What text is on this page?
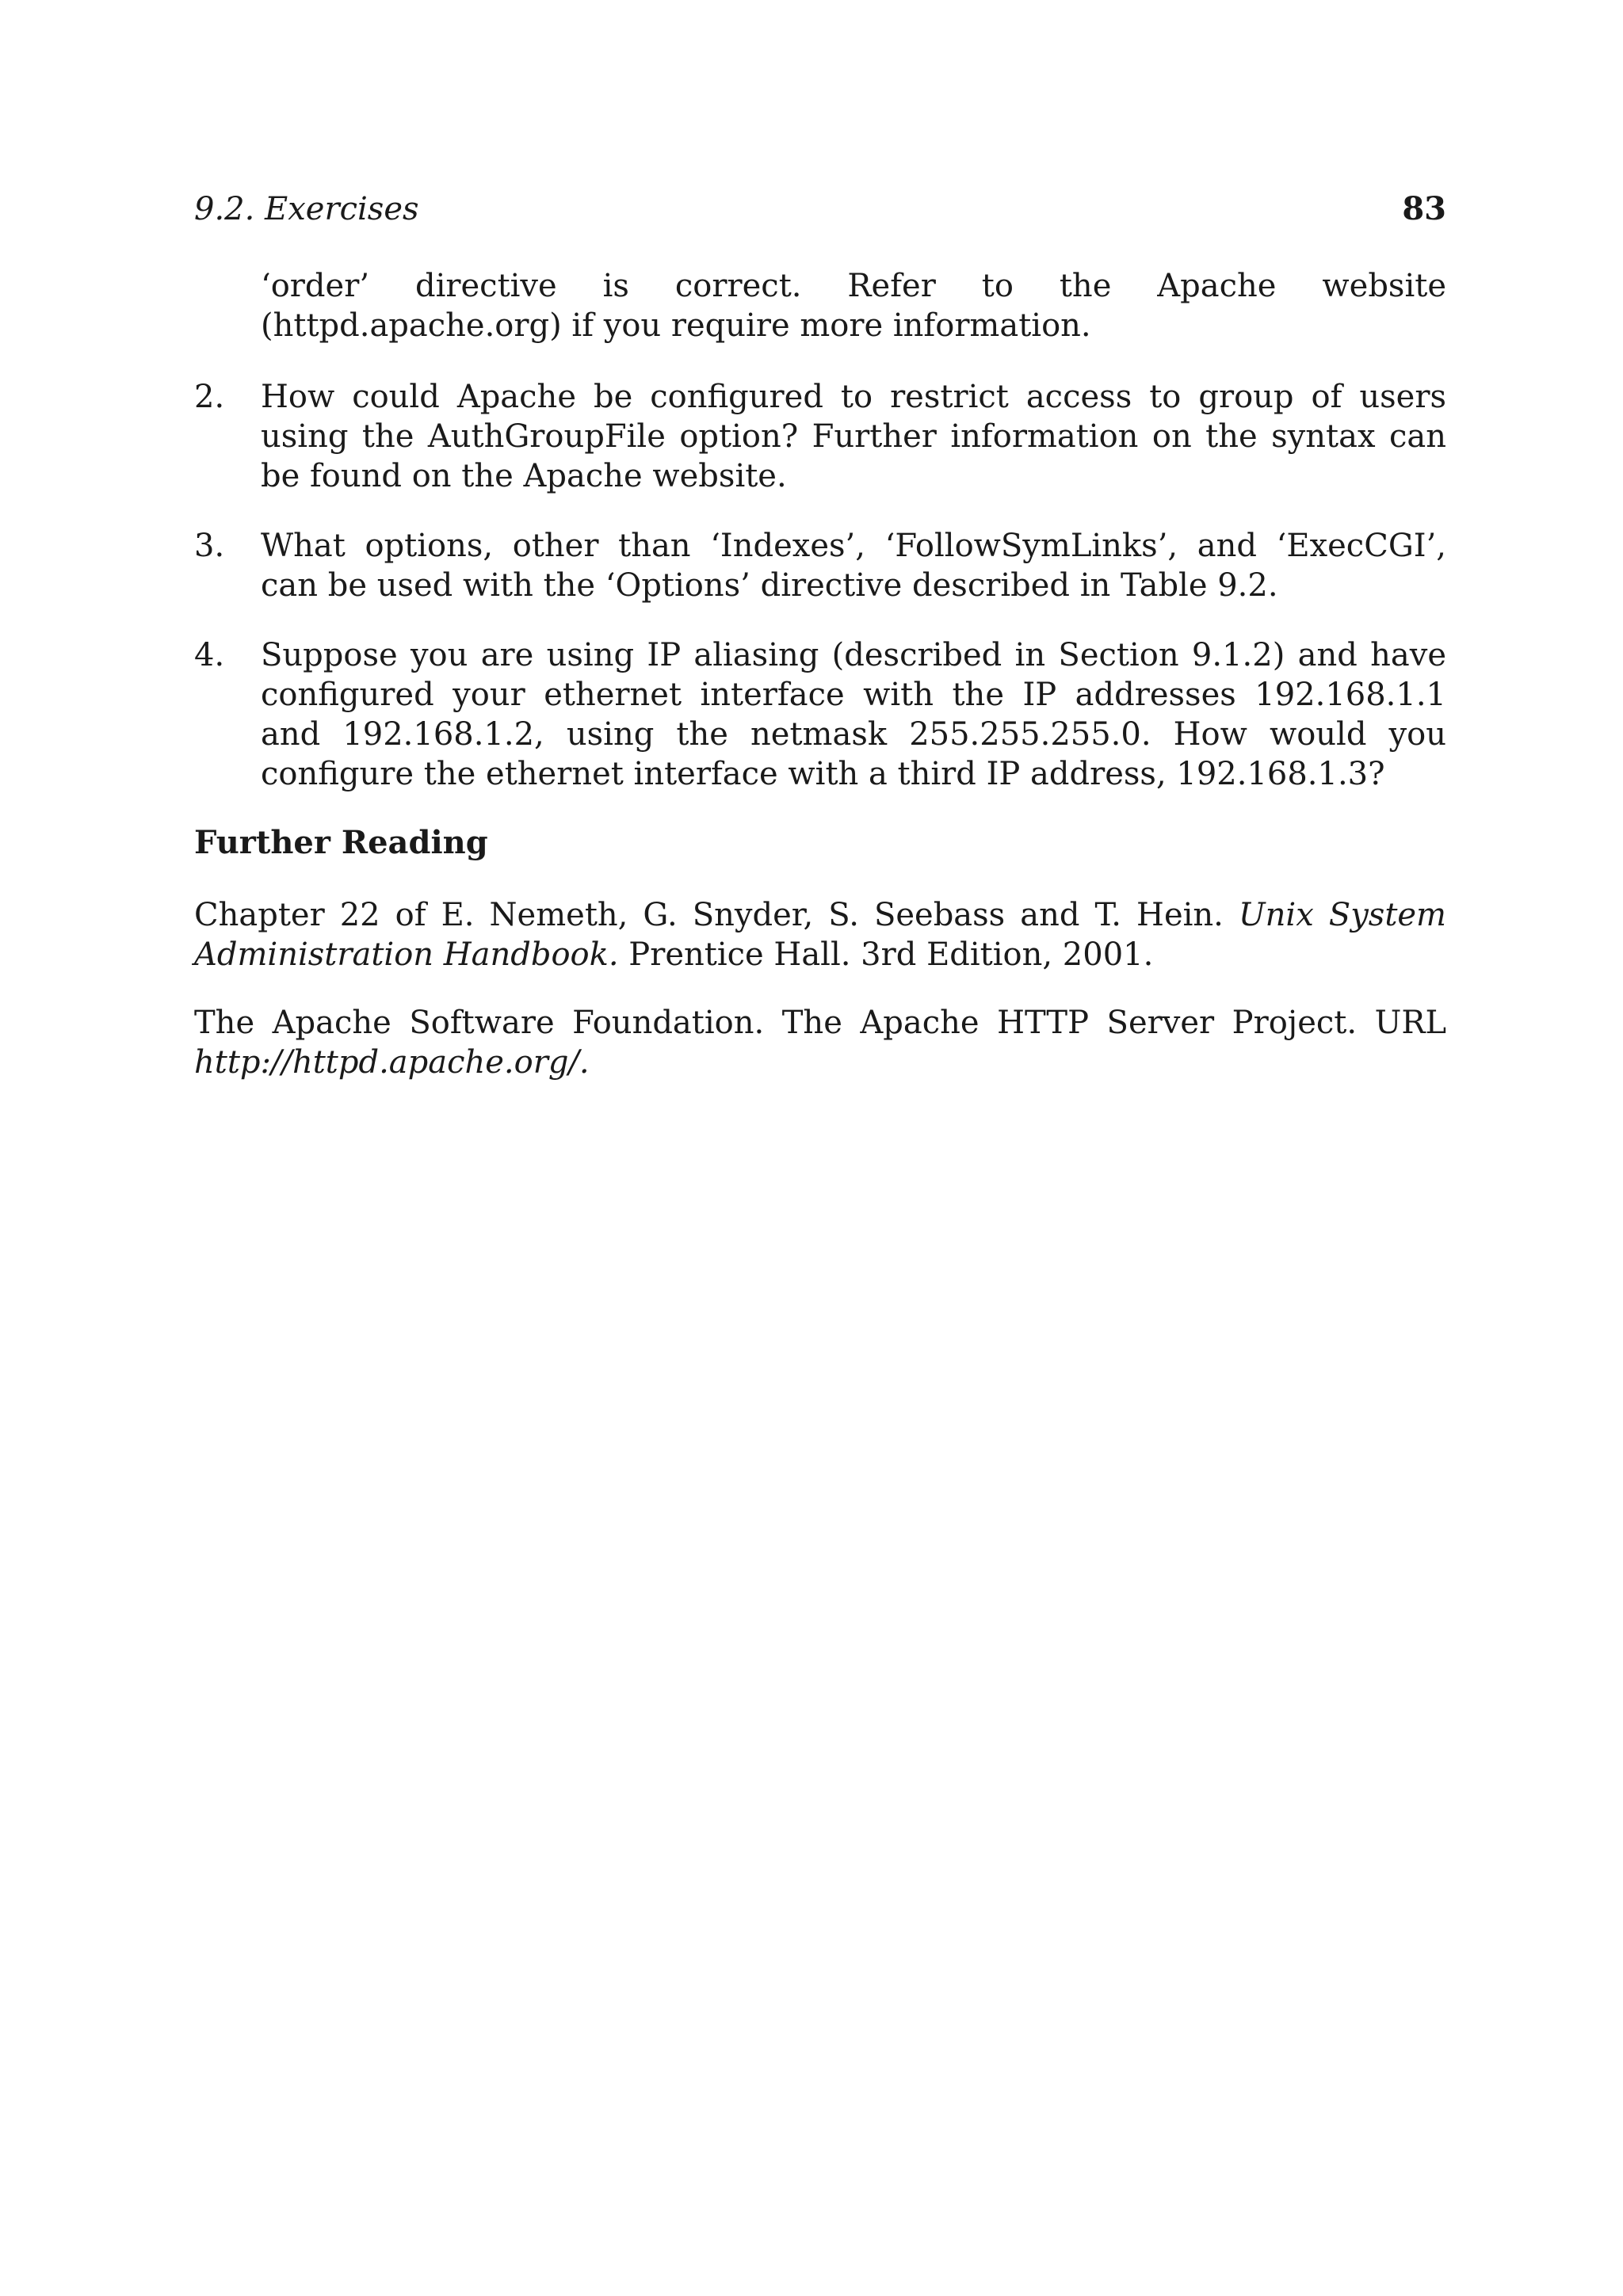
9.2. Exercises	83

‘order’ directive is correct. Refer to the Apache website (httpd.apache.org) if you require more information.

2. How could Apache be configured to restrict access to group of users using the AuthGroupFile option? Further information on the syntax can be found on the Apache website.
3. What options, other than ‘Indexes’, ‘FollowSymLinks’, and ‘ExecCGI’, can be used with the ‘Options’ directive described in Table 9.2.
4. Suppose you are using IP aliasing (described in Section 9.1.2) and have configured your ethernet interface with the IP addresses 192.168.1.1 and 192.168.1.2, using the netmask 255.255.255.0. How would you configure the ethernet interface with a third IP address, 192.168.1.3?
Further Reading

Chapter 22 of E. Nemeth, G. Snyder, S. Seebass and T. Hein. Unix System Administration Handbook. Prentice Hall. 3rd Edition, 2001.

The Apache Software Foundation. The Apache HTTP Server Project. URL http://httpd.apache.org/.
